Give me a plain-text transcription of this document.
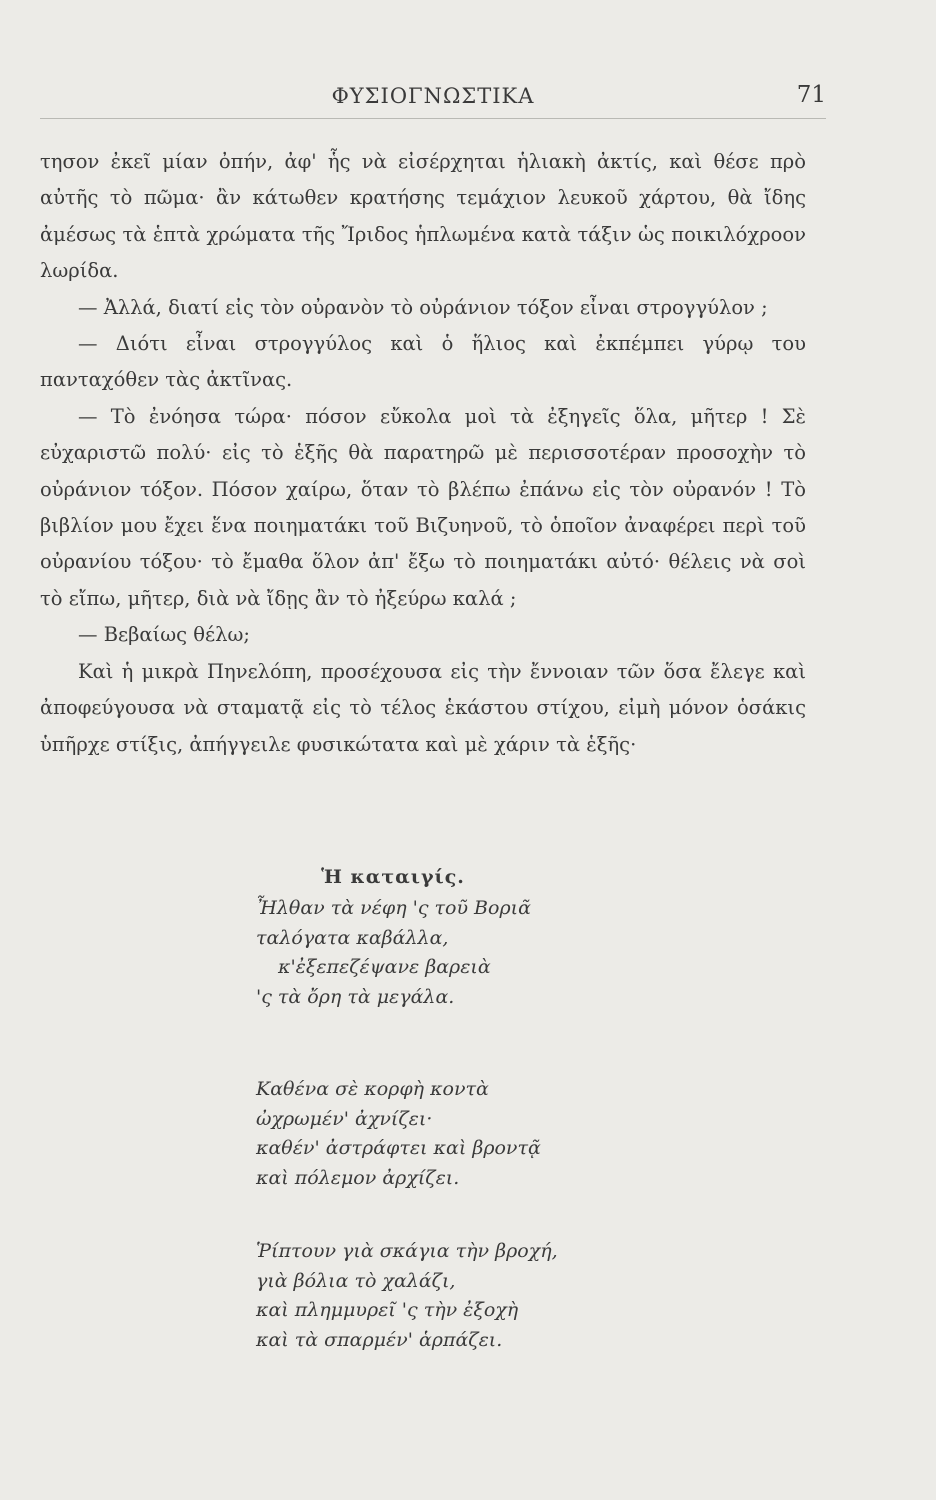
ΦΥΣΙΟΓΝΩΣΤΙΚΑ	71

τησον ἐκεῖ μίαν ὀπήν, ἀφ' ἧς νὰ εἰσέρχηται ἡλιακὴ ἀκτίς, καὶ θέσε πρὸ αὐτῆς τὸ πῶμα· ἂν κάτωθεν κρατήσης τεμάχιον λευκοῦ χάρτου, θὰ ἴδης ἀμέσως τὰ ἑπτὰ χρώματα τῆς Ἴριδος ἡπλωμένα κατὰ τάξιν ὡς ποικιλόχροον λωρίδα.

— Ἀλλά, διατί εἰς τὸν οὐρανὸν τὸ οὐράνιον τόξον εἶναι στρογγύλον ;

— Διότι εἶναι στρογγύλος καὶ ὁ ἥλιος καὶ ἐκπέμπει γύρῳ του πανταχόθεν τὰς ἀκτῖνας.

— Τὸ ἐνόησα τώρα· πόσον εὔκολα μοὶ τὰ ἐξηγεῖς ὅλα, μῆτερ ! Σὲ εὐχαριστῶ πολύ· εἰς τὸ ἑξῆς θὰ παρατηρῶ μὲ περισσοτέραν προσοχὴν τὸ οὐράνιον τόξον. Πόσον χαίρω, ὅταν τὸ βλέπω ἐπάνω εἰς τὸν οὐρανόν ! Τὸ βιβλίον μου ἔχει ἕνα ποιηματάκι τοῦ Βιζυηνοῦ, τὸ ὁποῖον ἀναφέρει περὶ τοῦ οὐρανίου τόξου· τὸ ἔμαθα ὅλον ἀπ' ἔξω τὸ ποιηματάκι αὐτό· θέλεις νὰ σοὶ τὸ εἴπω, μῆτερ, διὰ νὰ ἴδῃς ἂν τὸ ἠξεύρω καλά ;

— Βεβαίως θέλω;

Καὶ ἡ μικρὰ Πηνελόπη, προσέχουσα εἰς τὴν ἔννοιαν τῶν ὅσα ἔλεγε καὶ ἀποφεύγουσα νὰ σταματᾷ εἰς τὸ τέλος ἑκάστου στίχου, εἰμὴ μόνον ὁσάκις ὑπῆρχε στίξις, ἀπήγγειλε φυσικώτατα καὶ μὲ χάριν τὰ ἑξῆς·

Ἡ καταιγίς.
Ἦλθαν τὰ νέφη 'ς τοῦ Βοριᾶ
ταλόγατα καβάλλα,
κ'ἐξεπεζέψανε βαρειὰ
'ς τὰ ὄρη τὰ μεγάλα.
Καθένα σὲ κορφὴ κοντὰ
ὠχρωμέν' ἀχνίζει·
καθέν' ἀστράφτει καὶ βροντᾷ
καὶ πόλεμον ἀρχίζει.
Ῥίπτουν γιὰ σκάγια τὴν βροχή,
γιὰ βόλια τὸ χαλάζι,
καὶ πλημμυρεῖ 'ς τὴν ἐξοχὴ
καὶ τὰ σπαρμέν' ἁρπάζει.
